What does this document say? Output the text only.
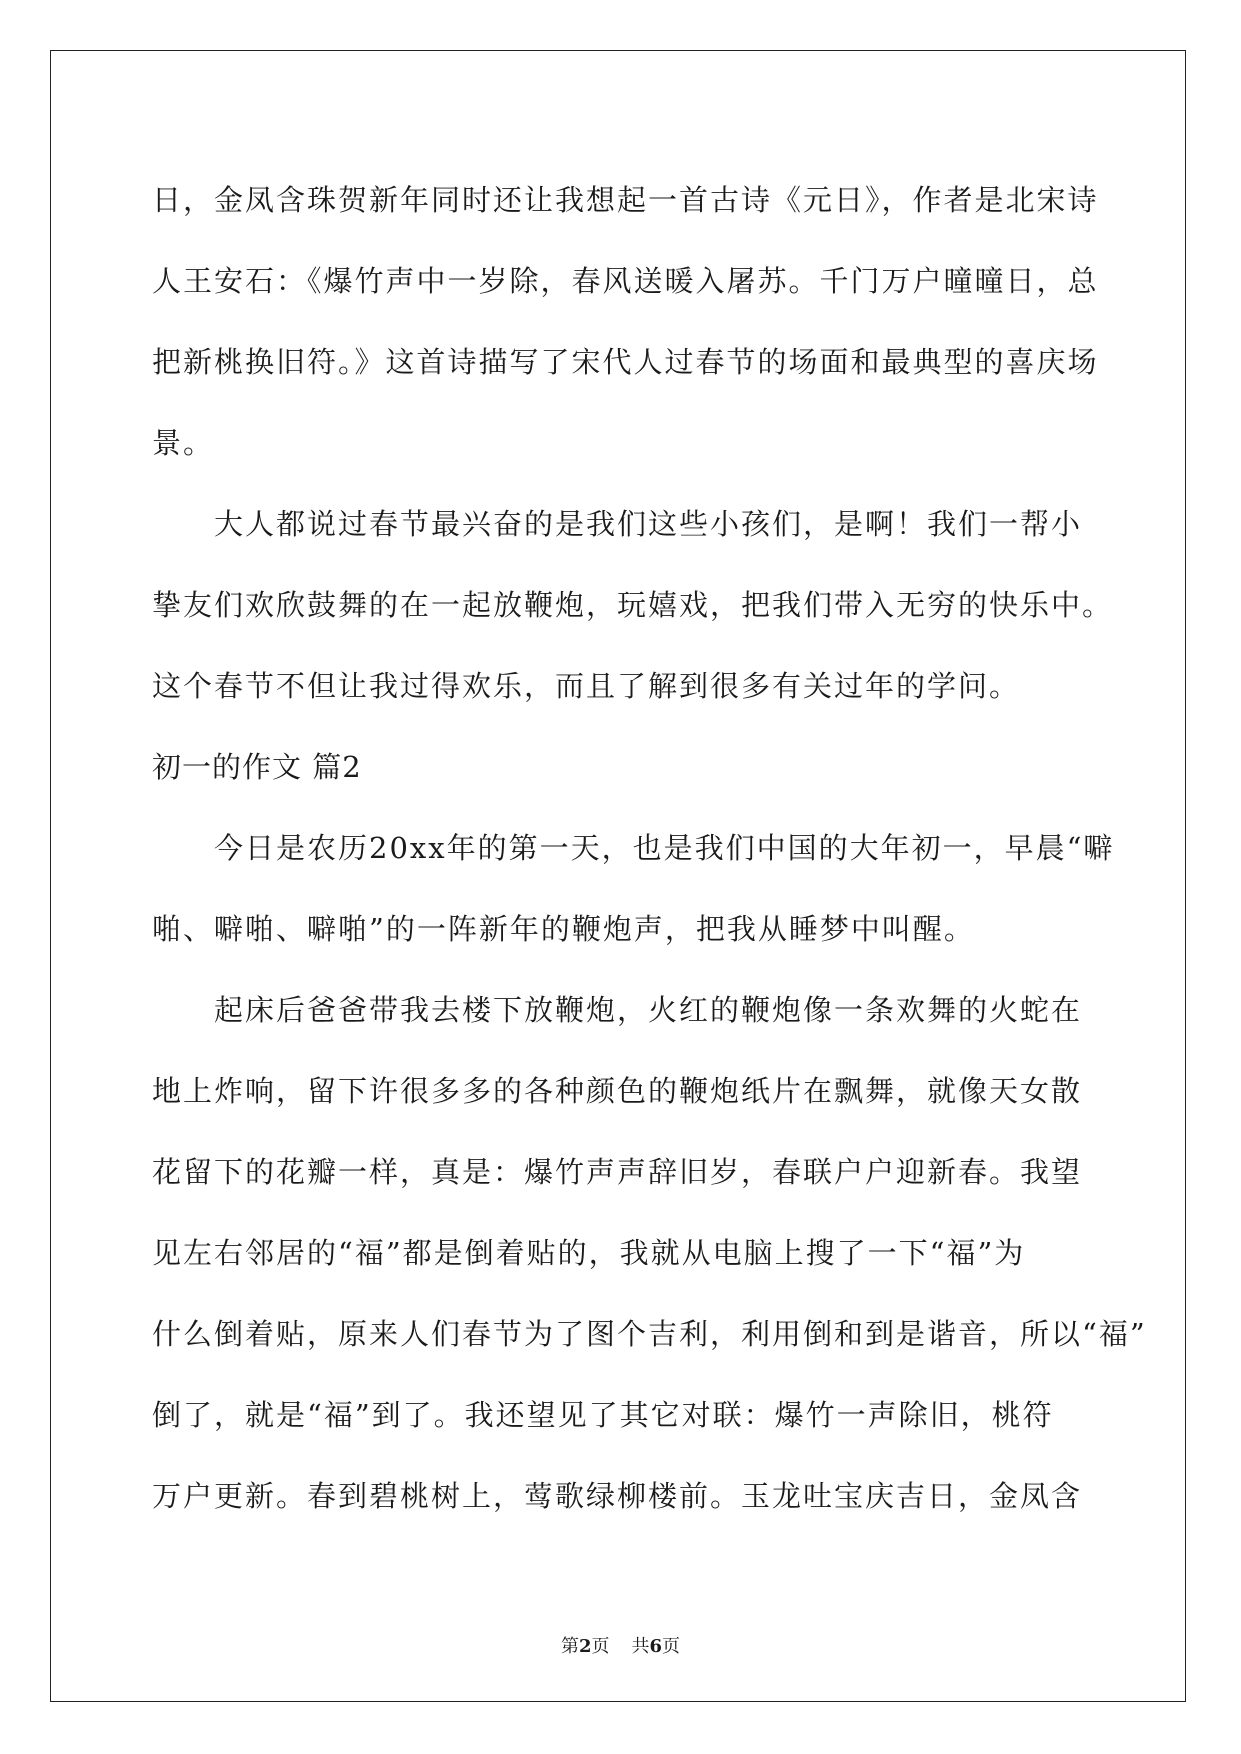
日，金凤含珠贺新年同时还让我想起一首古诗《元日》，作者是北宋诗
人王安石：《爆竹声中一岁除，春风送暖入屠苏。千门万户曈曈日，总
把新桃换旧符。》这首诗描写了宋代人过春节的场面和最典型的喜庆场
景。
　　大人都说过春节最兴奋的是我们这些小孩们，是啊！我们一帮小
挚友们欢欣鼓舞的在一起放鞭炮，玩嬉戏，把我们带入无穷的快乐中。
这个春节不但让我过得欢乐，而且了解到很多有关过年的学问。
初一的作文 篇2
　　今日是农历20xx年的第一天，也是我们中国的大年初一，早晨“噼
啪、噼啪、噼啪”的一阵新年的鞭炮声，把我从睡梦中叫醒。
　　起床后爸爸带我去楼下放鞭炮，火红的鞭炮像一条欢舞的火蛇在
地上炸响，留下许很多多的各种颜色的鞭炮纸片在飘舞，就像天女散
花留下的花瓣一样，真是：爆竹声声辞旧岁，春联户户迎新春。我望
见左右邻居的“福”都是倒着贴的，我就从电脑上搜了一下“福”为
什么倒着贴，原来人们春节为了图个吉利，利用倒和到是谐音，所以“福”
倒了，就是“福”到了。我还望见了其它对联：爆竹一声除旧，桃符
万户更新。春到碧桃树上，莺歌绿柳楼前。玉龙吐宝庆吉日，金凤含
第2页 共6页
